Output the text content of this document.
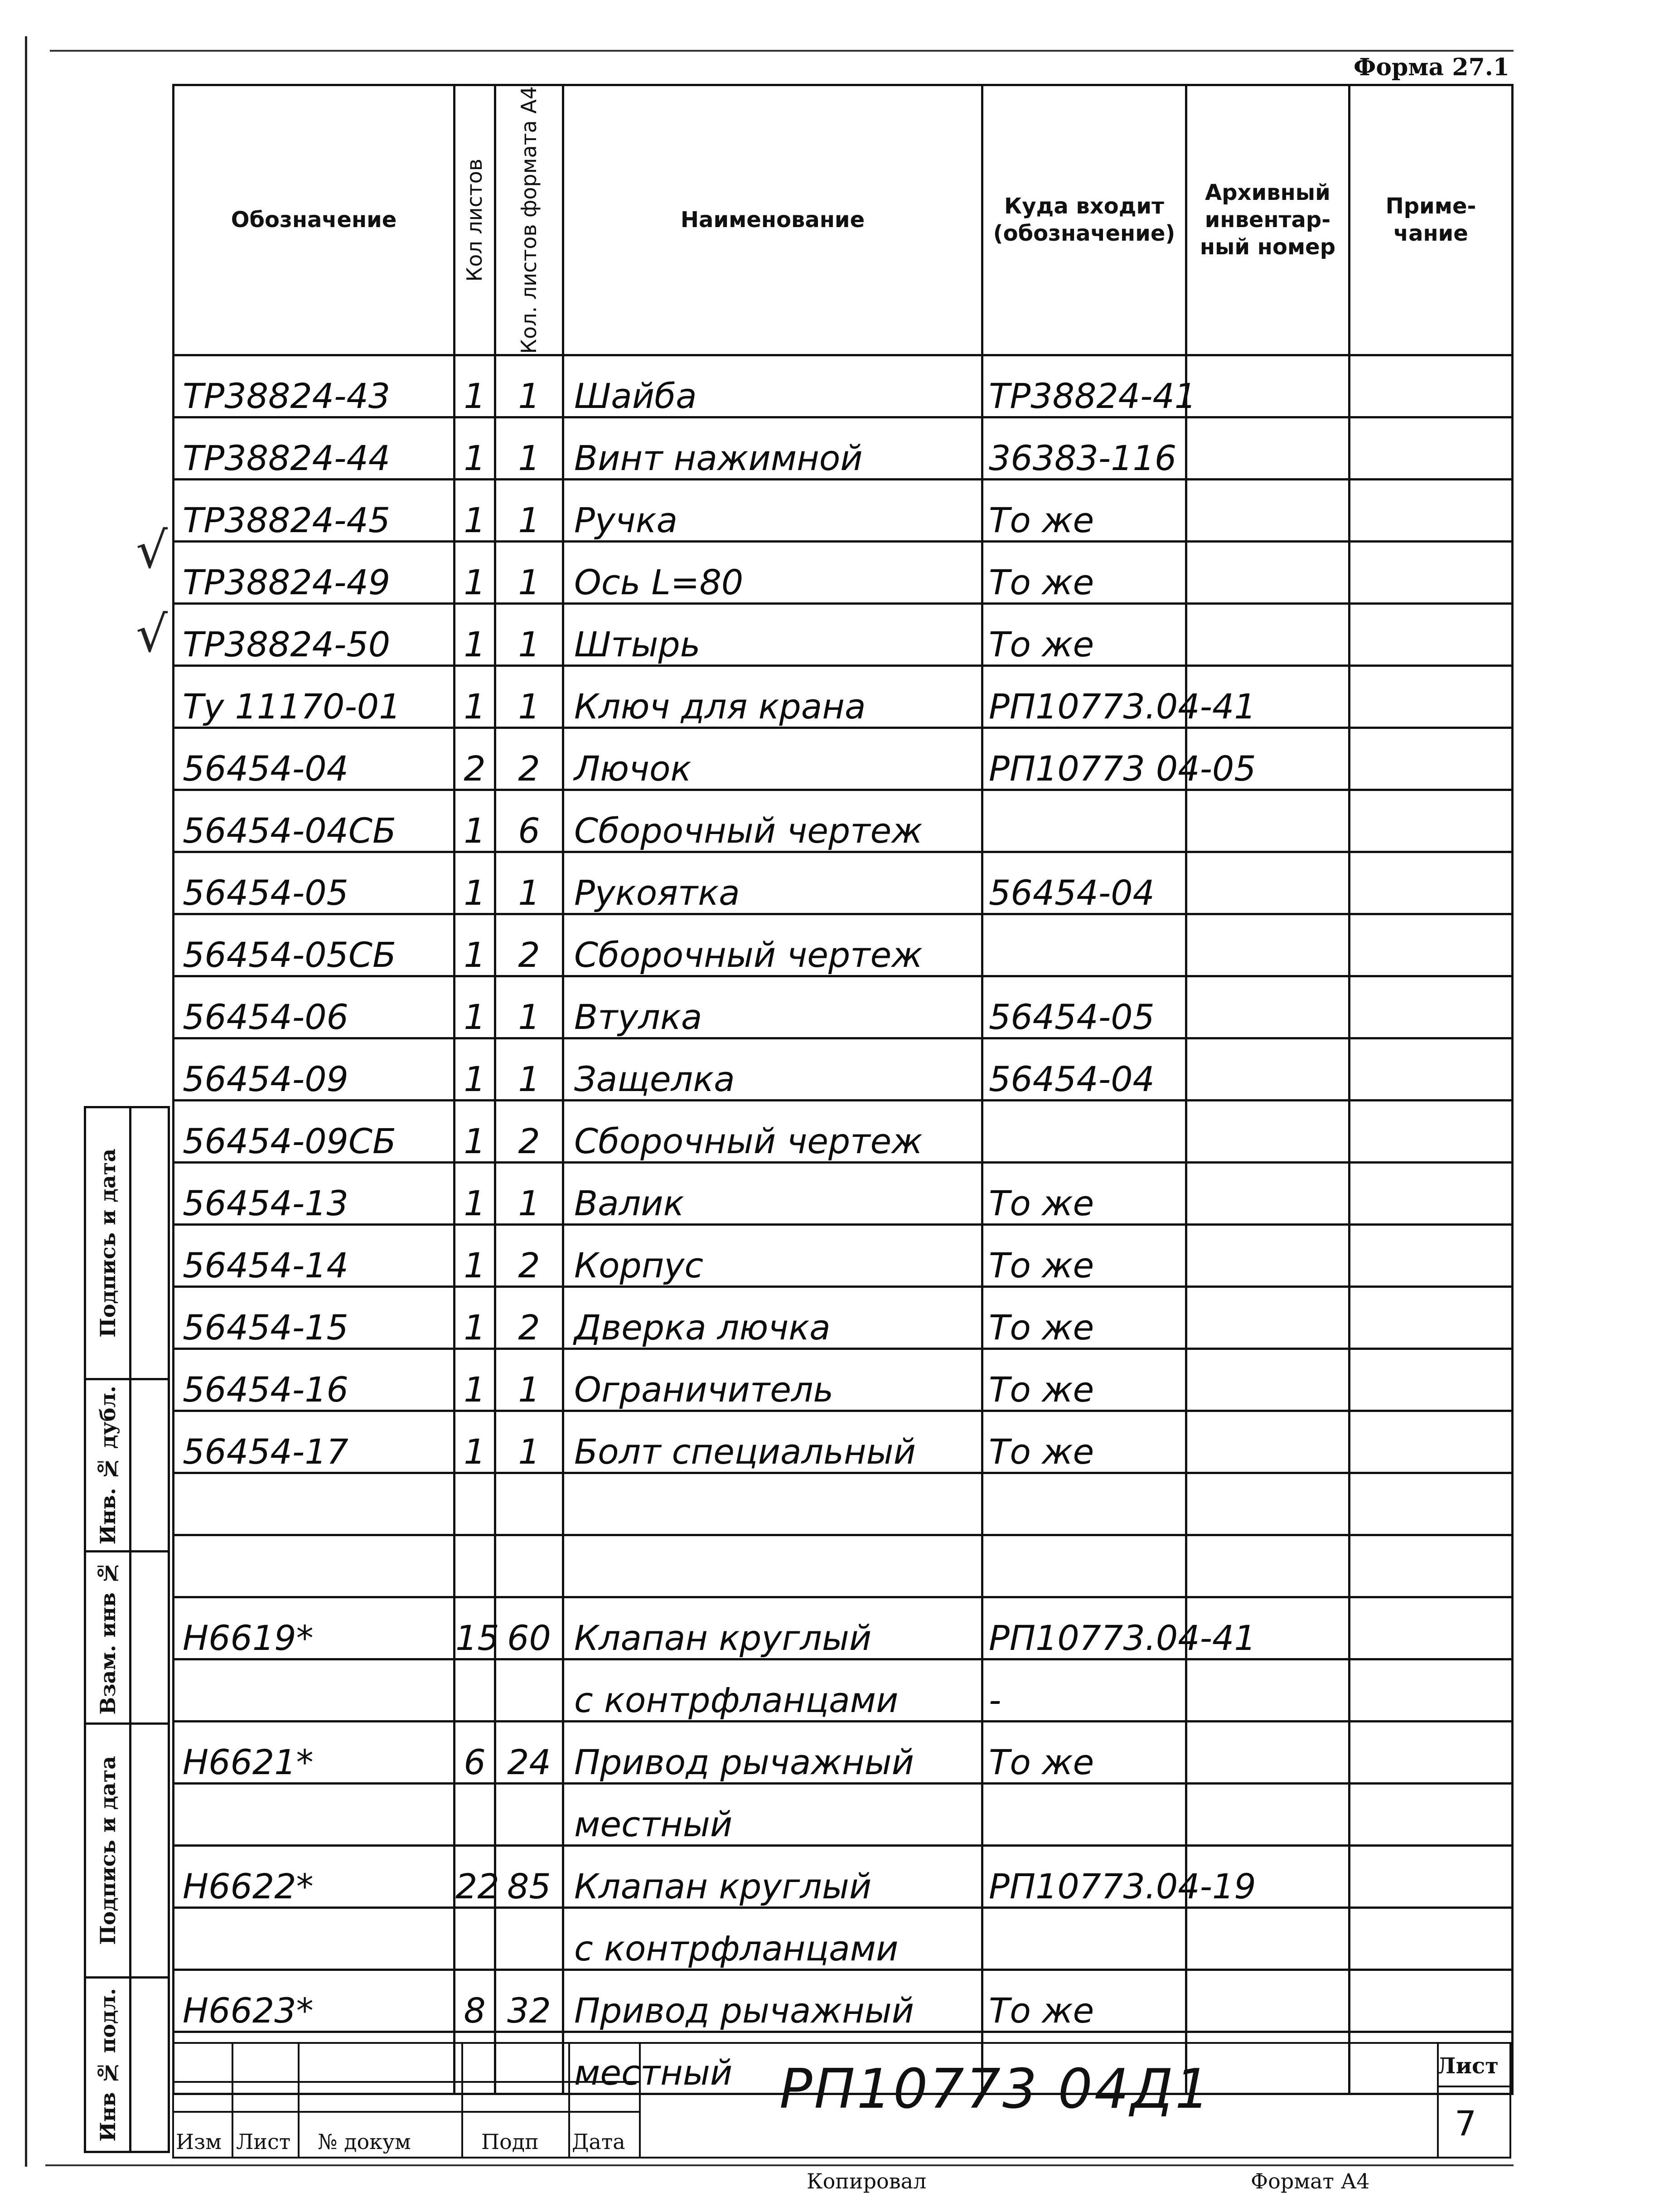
Форма 27.1
√
√
Обозначение	Кол листов	Кол. листов формата А4	Наименование	Куда входит (обозначение)	Архивный инвентар- ный номер	Приме- чание
ТР38824-43	1	1	Шайба	ТР38824-41		
ТР38824-44	1	1	Винт нажимной	36383-116		
ТР38824-45	1	1	Ручка	То же		
ТР38824-49	1	1	Ось L=80	То же		
ТР38824-50	1	1	Штырь	То же		
Ту 11170-01	1	1	Ключ для крана	РП10773.04-41		
56454-04	2	2	Лючок	РП10773 04-05		
56454-04СБ	1	6	Сборочный чертеж			
56454-05	1	1	Рукоятка	56454-04		
56454-05СБ	1	2	Сборочный чертеж			
56454-06	1	1	Втулка	56454-05		
56454-09	1	1	Защелка	56454-04		
56454-09СБ	1	2	Сборочный чертеж			
56454-13	1	1	Валик	То же		
56454-14	1	2	Корпус	То же		
56454-15	1	2	Дверка лючка	То же		
56454-16	1	1	Ограничитель	То же		
56454-17	1	1	Болт специальный	То же		

Н6619*	15	60	Клапан круглый	РП10773.04-41		
			с контрфланцами	-		
Н6621*	6	24	Привод рычажный	То же		
			местный			
Н6622*	22	85	Клапан круглый	РП10773.04-19		
			с контрфланцами			
Н6623*	8	32	Привод рычажный	То же		
			местный			
Подпись и дата
Инв. № дубл.
Взам. инв №
Подпись и дата
Инв № подл.
Изм Лист № докум	Подп Дата
РП10773 04Д1	Лист
7
Копировал	Формат А4
